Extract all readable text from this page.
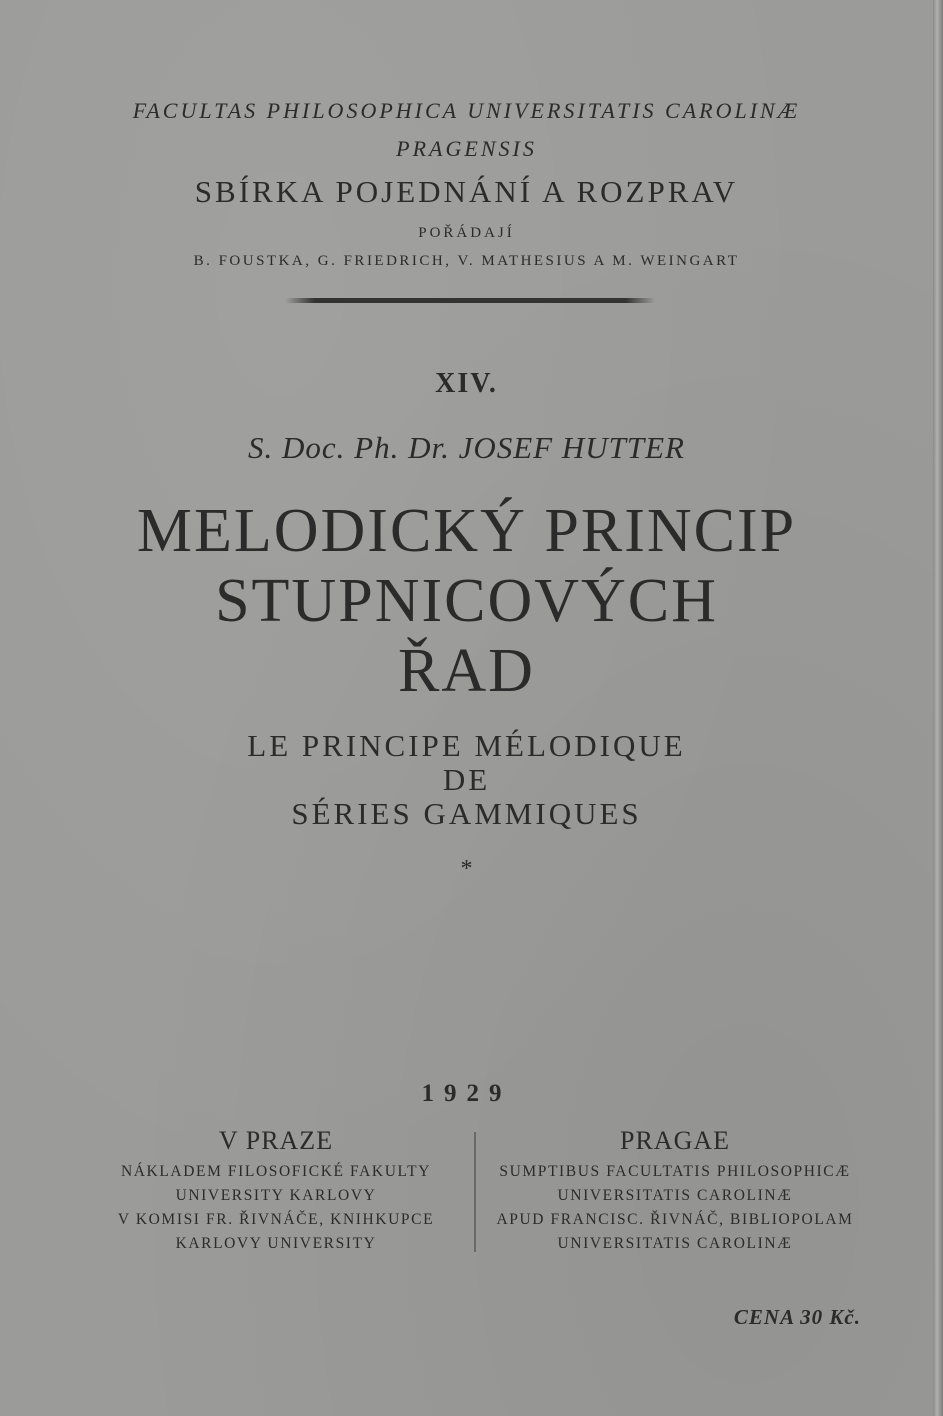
FACULTAS PHILOSOPHICA UNIVERSITATIS CAROLINÆ
PRAGENSIS
SBÍRKA POJEDNÁNÍ A ROZPRAV
POŘÁDAJÍ
B. FOUSTKA, G. FRIEDRICH, V. MATHESIUS A M. WEINGART
XIV.
S. Doc. Ph. Dr. JOSEF HUTTER
MELODICKÝ PRINCIP
STUPNICOVÝCH
ŘAD
LE PRINCIPE MÉLODIQUE
DE
SÉRIES GAMMIQUES
*
1929
V PRAZE
NÁKLADEM FILOSOFICKÉ FAKULTY
UNIVERSITY KARLOVY
V KOMISI FR. ŘIVNÁČE, KNIHKUPCE
KARLOVY UNIVERSITY
PRAGAE
SUMPTIBUS FACULTATIS PHILOSOPHICÆ
UNIVERSITATIS CAROLINÆ
APUD FRANCISC. ŘIVNÁČ, BIBLIOPOLAM
UNIVERSITATIS CAROLINÆ
CENA 30 Kč.
